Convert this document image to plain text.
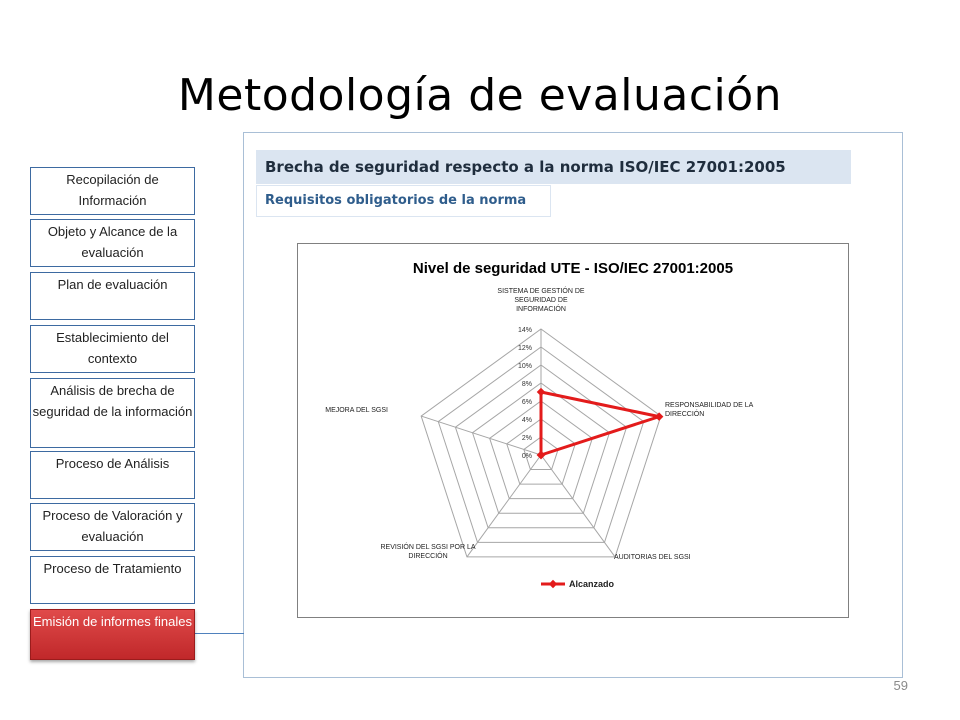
Metodología de evaluación
Recopilación de Información
Objeto y Alcance de la evaluación
Plan de evaluación
Establecimiento del contexto
Análisis de brecha de seguridad de la información
Proceso de Análisis
Proceso de Valoración y evaluación
Proceso de Tratamiento
Emisión de informes finales
Brecha de seguridad respecto a la norma ISO/IEC 27001:2005
Requisitos obligatorios de la norma
Nivel de seguridad UTE - ISO/IEC 27001:2005
0%
2%
4%
6%
8%
10%
12%
14%
SISTEMA DE GESTIÓN DE SEGURIDAD DE INFORMACIÓN
RESPONSABILIDAD DE LA DIRECCIÓN
AUDITORIAS DEL SGSI
REVISIÓN DEL SGSI POR LA DIRECCIÓN
MEJORA DEL SGSI
Alcanzado
59
